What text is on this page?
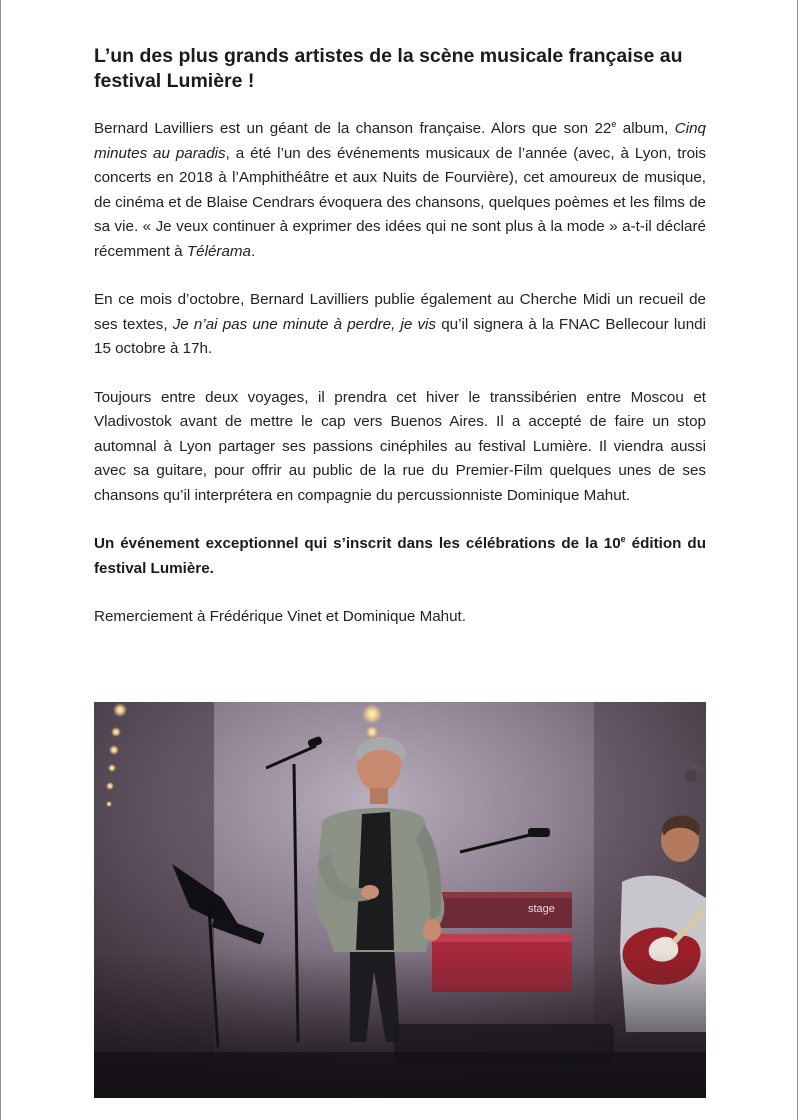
L’un des plus grands artistes de la scène musicale française au festival Lumière !

Bernard Lavilliers est un géant de la chanson française. Alors que son 22e album, Cinq minutes au paradis, a été l’un des événements musicaux de l’année (avec, à Lyon, trois concerts en 2018 à l’Amphithéâtre et aux Nuits de Fourvière), cet amoureux de musique, de cinéma et de Blaise Cendrars évoquera des chansons, quelques poèmes et les films de sa vie. « Je veux continuer à exprimer des idées qui ne sont plus à la mode » a-t-il déclaré récemment à Télérama.

En ce mois d’octobre, Bernard Lavilliers publie également au Cherche Midi un recueil de ses textes, Je n’ai pas une minute à perdre, je vis qu’il signera à la FNAC Bellecour lundi 15 octobre à 17h.

Toujours entre deux voyages, il prendra cet hiver le transsibérien entre Moscou et Vladivostok avant de mettre le cap vers Buenos Aires. Il a accepté de faire un stop automnal à Lyon partager ses passions cinéphiles au festival Lumière. Il viendra aussi avec sa guitare, pour offrir au public de la rue du Premier-Film quelques unes de ses chansons qu’il interprétera en compagnie du percussionniste Dominique Mahut.

Un événement exceptionnel qui s’inscrit dans les célébrations de la 10e édition du festival Lumière.

Remerciement à Frédérique Vinet et Dominique Mahut.

stage
